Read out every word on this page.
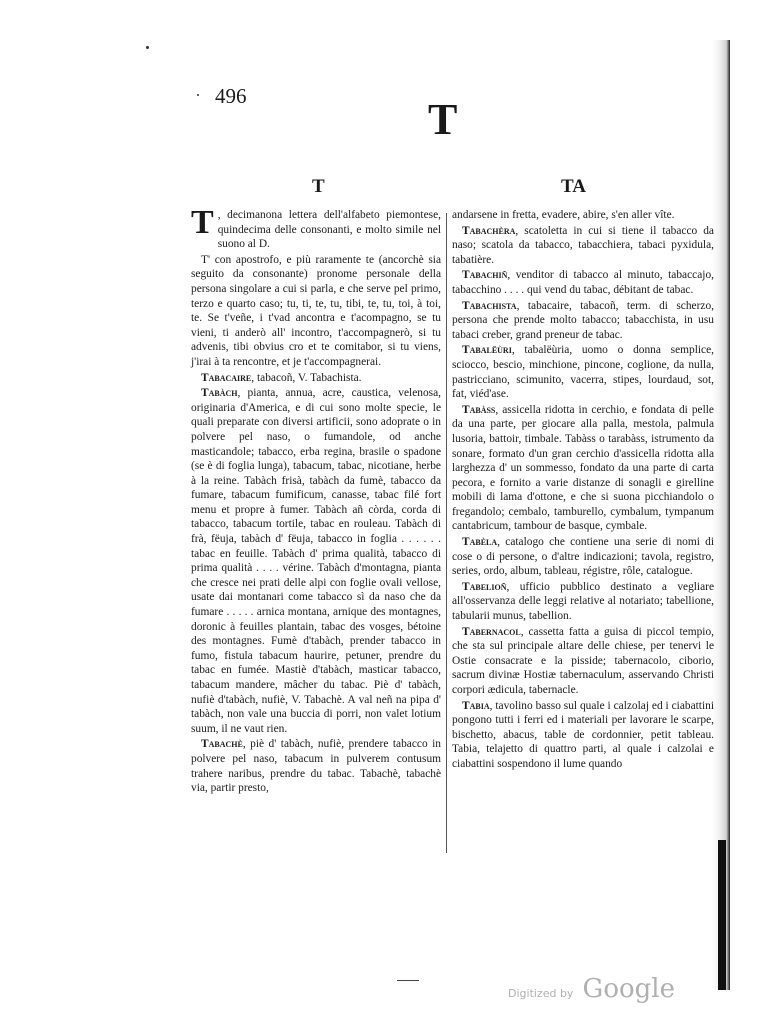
496	T
T	TA

T , decimanona lettera dell'alfabeto piemontese, quindecima delle consonanti, e molto simile nel suono al D.

T' con apostrofo, e più raramente te (ancorchè sia seguito da consonante) pronome personale della persona singolare a cui si parla, e che serve pel primo, terzo e quarto caso; tu, ti, te, tu, tibi, te, tu, toi, à toi, te. Se t'veñe, i t'vad ancontra e t'acompagno, se tu vieni, ti anderò all' incontro, t'accompagnerò, si tu advenis, tibi obvius cro et te comitabor, si tu viens, j'irai à ta rencontre, et je t'accompagnerai.

Tabacaire, tabacoñ, V. Tabachista.

Tabàch, pianta, annua, acre, caustica, velenosa, originaria d'America, e di cui sono molte specie, le quali preparate con diversi artificii, sono adoprate o in polvere pel naso, o fumandole, od anche masticandole; tabacco, erba regina, brasile o spadone (se è di foglia lunga), tabacum, tabac, nicotiane, herbe à la reine. Tabàch frisà, tabàch da fumè, tabacco da fumare, tabacum fumificum, canasse, tabac filé fort menu et propre à fumer. Tabàch añ còrda, corda di tabacco, tabacum tortile, tabac en rouleau. Tabàch di frà, fëuja, tabàch d' fëuja, tabacco in foglia . . . . . . tabac en feuille. Tabàch d' prima qualità, tabacco di prima qualità . . . . vérine. Tabàch d'montagna, pianta che cresce nei prati delle alpi con foglie ovali vellose, usate dai montanari come tabacco sì da naso che da fumare . . . . . arnica montana, arnique des montagnes, doronic à feuilles plantain, tabac des vosges, bétoine des montagnes. Fumè d'tabàch, prender tabacco in fumo, fistula tabacum haurire, petuner, prendre du tabac en fumée. Mastiè d'tabàch, masticar tabacco, tabacum mandere, mâcher du tabac. Piè d' tabàch, nufiè d'tabàch, nufiè, V. Tabachè. A val neñ na pipa d' tabàch, non vale una buccia di porri, non valet lotium suum, il ne vaut rien.

Tabachè, piè d' tabàch, nufiè, prendere tabacco in polvere pel naso, tabacum in pulverem contusum trahere naribus, prendre du tabac. Tabachè, tabachè via, partir presto,

andarsene in fretta, evadere, abire, s'en aller vîte.

Tabachèra, scatoletta in cui si tiene il tabacco da naso; scatola da tabacco, tabacchiera, tabaci pyxidula, tabatière.

Tabachiñ, venditor di tabacco al minuto, tabaccajo, tabacchino . . . . qui vend du tabac, débitant de tabac.

Tabachista, tabacaire, tabacoñ, term. di scherzo, persona che prende molto tabacco; tabacchista, in usu tabaci creber, grand preneur de tabac.

Tabalëùri, tabalëùria, uomo o donna semplice, sciocco, bescio, minchione, pincone, coglione, da nulla, pastricciano, scimunito, vacerra, stipes, lourdaud, sot, fat, viéd'ase.

Tabàss, assicella ridotta in cerchio, e fondata di pelle da una parte, per giocare alla palla, mestola, palmula lusoria, battoir, timbale. Tabàss o tarabàss, istrumento da sonare, formato d'un gran cerchio d'assicella ridotta alla larghezza d' un sommesso, fondato da una parte di carta pecora, e fornito a varie distanze di sonagli e girelline mobili di lama d'ottone, e che si suona picchiandolo o fregandolo; cembalo, tamburello, cymbalum, tympanum cantabricum, tambour de basque, cymbale.

Tabèla, catalogo che contiene una serie di nomi di cose o di persone, o d'altre indicazioni; tavola, registro, series, ordo, album, tableau, régistre, rôle, catalogue.

Tabelioñ, ufficio pubblico destinato a vegliare all'osservanza delle leggi relative al notariato; tabellione, tabularii munus, tabellion.

Tabernacol, cassetta fatta a guisa di piccol tempio, che sta sul principale altare delle chiese, per tenervi le Ostie consacrate e la pisside; tabernacolo, ciborio, sacrum divinæ Hostiæ tabernaculum, asservando Christi corpori ædicula, tabernacle.

Tabia, tavolino basso sul quale i calzolaj ed i ciabattini pongono tutti i ferri ed i materiali per lavorare le scarpe, bischetto, abacus, table de cordonnier, petit tableau. Tabia, telajetto di quattro parti, al quale i calzolai e ciabattini sospendono il lume quando

Digitized by Google
